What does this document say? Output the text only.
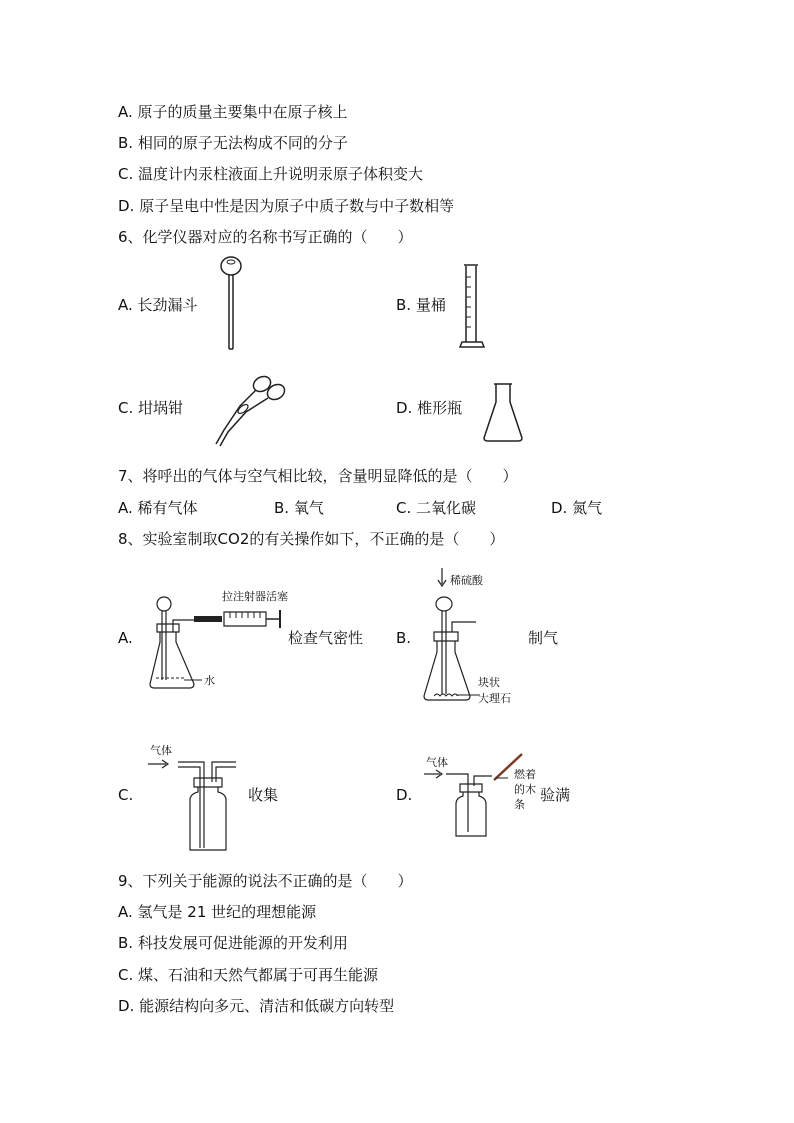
A. 原子的质量主要集中在原子核上
B. 相同的原子无法构成不同的分子
C. 温度计内汞柱液面上升说明汞原子体积变大
D. 原子呈电中性是因为原子中质子数与中子数相等
6、化学仪器对应的名称书写正确的（　　）
A. 长劲漏斗	B. 量桶
C. 坩埚钳	D. 椎形瓶
7、将呼出的气体与空气相比较，含量明显降低的是（　　）
A. 稀有气体	B. 氧气	C. 二氧化碳	D. 氮气
8、实验室制取CO2的有关操作如下，不正确的是（　　）
A.
拉注射器活塞
水
检查气密性 B.
稀硫酸
块状
大理石
制气
C.
气体
收集	D.
气体
燃着
的木
条
验满
9、下列关于能源的说法不正确的是（　　）
A. 氢气是 21 世纪的理想能源
B. 科技发展可促进能源的开发利用
C. 煤、石油和天然气都属于可再生能源
D. 能源结构向多元、清洁和低碳方向转型
